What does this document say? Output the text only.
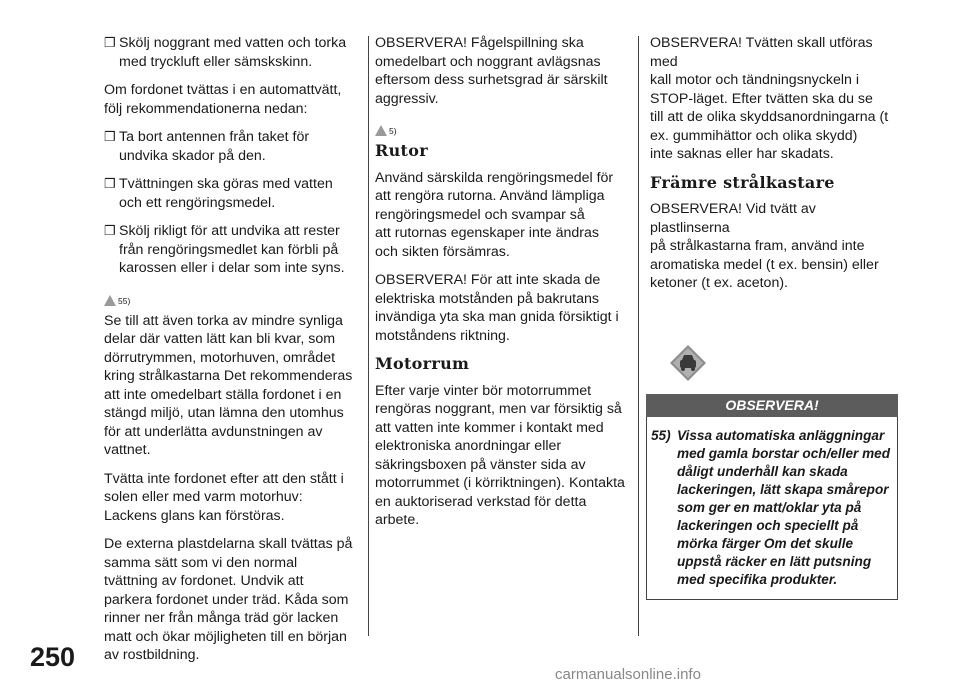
250
❒ Skölj noggrant med vatten och torka
med tryckluft eller sämskskinn.

Om fordonet tvättas i en automattvätt,
följ rekommendationerna nedan:

❒ Ta bort antennen från taket för
undvika skador på den.
❒ Tvättningen ska göras med vatten
och ett rengöringsmedel.
❒ Skölj rikligt för att undvika att rester
från rengöringsmedlet kan förbli på
karossen eller i delar som inte syns.
55)

Se till att även torka av mindre synliga
delar där vatten lätt kan bli kvar, som
dörrutrymmen, motorhuven, området
kring strålkastarna Det rekommenderas
att inte omedelbart ställa fordonet i en
stängd miljö, utan lämna den utomhus
för att underlätta avdunstningen av
vattnet.

Tvätta inte fordonet efter att den stått i
solen eller med varm motorhuv:
Lackens glans kan förstöras.

De externa plastdelarna skall tvättas på
samma sätt som vi den normal
tvättning av fordonet. Undvik att
parkera fordonet under träd. Kåda som
rinner ner från många träd gör lacken
matt och ökar möjligheten till en början
av rostbildning.

OBSERVERA! Fågelspillning ska
omedelbart och noggrant avlägsnas
eftersom dess surhetsgrad är särskilt
aggressiv.

5)
Rutor

Använd särskilda rengöringsmedel för
att rengöra rutorna. Använd lämpliga
rengöringsmedel och svampar så
att rutornas egenskaper inte ändras
och sikten försämras.

OBSERVERA! För att inte skada de
elektriska motstånden på bakrutans
invändiga yta ska man gnida försiktigt i
motståndens riktning.

Motorrum

Efter varje vinter bör motorrummet
rengöras noggrant, men var försiktig så
att vatten inte kommer i kontakt med
elektroniska anordningar eller
säkringsboxen på vänster sida av
motorrummet (i körriktningen). Kontakta
en auktoriserad verkstad för detta
arbete.

OBSERVERA! Tvätten skall utföras med
kall motor och tändningsnyckeln i
STOP-läget. Efter tvätten ska du se
till att de olika skyddsanordningarna (t
ex. gummihättor och olika skydd)
inte saknas eller har skadats.

Främre strålkastare

OBSERVERA! Vid tvätt av plastlinserna
på strålkastarna fram, använd inte
aromatiska medel (t ex. bensin) eller
ketoner (t ex. aceton).

OBSERVERA!
55) Vissa automatiska anläggningar
med gamla borstar och/eller med
dåligt underhåll kan skada
lackeringen, lätt skapa smårepor
som ger en matt/oklar yta på
lackeringen och speciellt på
mörka färger Om det skulle
uppstå räcker en lätt putsning
med specifika produkter.
carmanualsonline.info
